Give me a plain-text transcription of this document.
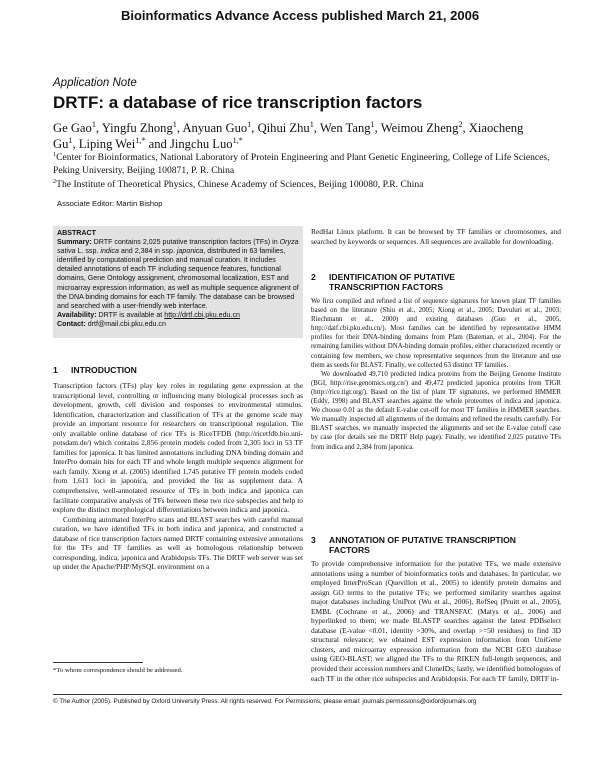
Bioinformatics Advance Access published March 21, 2006
Application Note
DRTF: a database of rice transcription factors
Ge Gao$^1$, Yingfu Zhong$^1$, Anyuan Guo$^1$, Qihui Zhu$^1$, Wen Tang$^1$, Weimou Zheng$^2$, Xiaocheng
Gu$^1$, Liping Wei$^{1,*}$ and Jingchu Luo$^{1,*}$
$^1$Center for Bioinformatics, National Laboratory of Protein Engineering and Plant Genetic Engineering, College of Life Sciences, Peking University, Beijing 100871, P. R. China
$^2$The Institute of Theoretical Physics, Chinese Academy of Sciences, Beijing 100080, P.R. China
Associate Editor: Martin Bishop
ABSTRACT
Summary: DRTF contains 2,025 putative transcription factors (TFs) in Oryza sativa L. ssp. indica and 2,384 in ssp. japonica, distributed in 63 families, identified by computational prediction and manual curation. It includes detailed annotations of each TF including sequence features, functional domains, Gene Ontology assignment, chromosomal localization, EST and microarray expression information, as well as multiple sequence alignment of the DNA binding domains for each TF family. The database can be browsed and searched with a user-friendly web interface.
Availability: DRTF is available at http://drtf.cbi.pku.edu.cn
Contact: drtf@mail.cbi.pku.edu.cn
1	INTRODUCTION

Transcription factors (TFs) play key roles in regulating gene expression at the transcriptional level, controlling or influencing many biological processes such as development, growth, cell division and responses to environmental stimulus. Identification, characterization and classification of TFs at the genome scale may provide an important resource for researchers on transcriptional regulation. The only available online database of rice TFs is RiceTFDB (http://ricetfdb.bio.uni-potsdam.de/) which contains 2,856 protein models coded from 2,305 loci in 53 TF families for japonica. It has limited annotations including DNA binding domain and InterPro domain hits for each TF and whole length multiple sequence alignment for each family. Xiong et al. (2005) identified 1,745 putative TF protein models coded from 1,611 loci in japonica, and provided the list as supplement data. A comprehensive, well-annotated resource of TFs in both indica and japonica can facilitate comparative analysis of TFs between these two rice subspecies and help to explore the distinct morphological differentiations between indica and japonica.

Combining automated InterPro scans and BLAST searches with careful manual curation, we have identified TFs in both indica and japonica, and constructed a database of rice transcription factors named DRTF containing extensive annotations for the TFs and TF families as well as homologous relationship between corresponding, indica, japonica and Arabidopsis TFs. The DRTF web server was set up under the Apache/PHP/MySQL environment on a

*To whom correspondence should be addressed.
RedHat Linux platform. It can be browsed by TF families or chromosomes, and searched by keywords or sequences. All sequences are available for downloading.
2	IDENTIFICATION OF PUTATIVE
TRANSCRIPTION FACTORS

We first compiled and refined a list of sequence signatures for known plant TF families based on the literature (Shiu et al., 2005; Xiong et al., 2005; Davuluri et al., 2003; Riechmann et al., 2000) and existing databases (Guo et al., 2005, http://datf.cbi.pku.edu.cn/). Most families can be identified by representative HMM profiles for their DNA-binding domains from Pfam (Bateman, et al., 2004). For the remaining families without DNA-binding domain profiles, either characterized recently or containing few members, we chose representative sequences from the literature and use them as seeds for BLAST. Finally, we collected 63 distinct TF families.

We downloaded 49,710 predicted indica proteins from the Beijing Genome Institute (BGI, http://rise.genomics.org.cn/) and 49,472 predicted japonica proteins from TIGR (http://rice.tigr.org/). Based on the list of plant TF signatures, we performed HMMER (Eddy, 1998) and BLAST searches against the whole proteomes of indica and japonica. We choose 0.01 as the default E-value cut-off for most TF families in HMMER searches. We manually inspected all alignments of the domains and refined the results carefully. For BLAST searches, we manually inspected the alignments and set the E-value cutoff case by case (for details see the DRTF Help page). Finally, we identified 2,025 putative TFs from indica and 2,384 from japonica.

3	ANNOTATION OF PUTATIVE TRANSCRIPTION
FACTORS

To provide comprehensive information for the putative TFs, we made extensive annotations using a number of bioinformatics tools and databases. In particular, we employed InterProScan (Quevillon et al., 2005) to identify protein domains and assign GO terms to the putative TFs; we performed similarity searches against major databases including UniProt (Wu et al., 2006), RefSeq (Pruitt et al., 2005), EMBL (Cochrane et al., 2006) and TRANSFAC (Matys et al., 2006) and hyperlinked to them; we made BLASTP searches against the latest PDBselect database (E-value <0.01, identity >30%, and overlap >=50 residues) to find 3D structural relevance; we obtained EST expression information from UniGene clusters, and microarray expression information from the NCBI GEO database using GEO-BLAST; we aligned the TFs to the RIKEN full-length sequences, and provided their accession numbers and CloneIDs; lastly, we identified homologues of each TF in the other rice subspecies and Arabidopsis. For each TF family, DRTF in-

© The Author (2005). Published by Oxford University Press. All rights reserved. For Permissions, please email: journals.permissions@oxfordjournals.org
